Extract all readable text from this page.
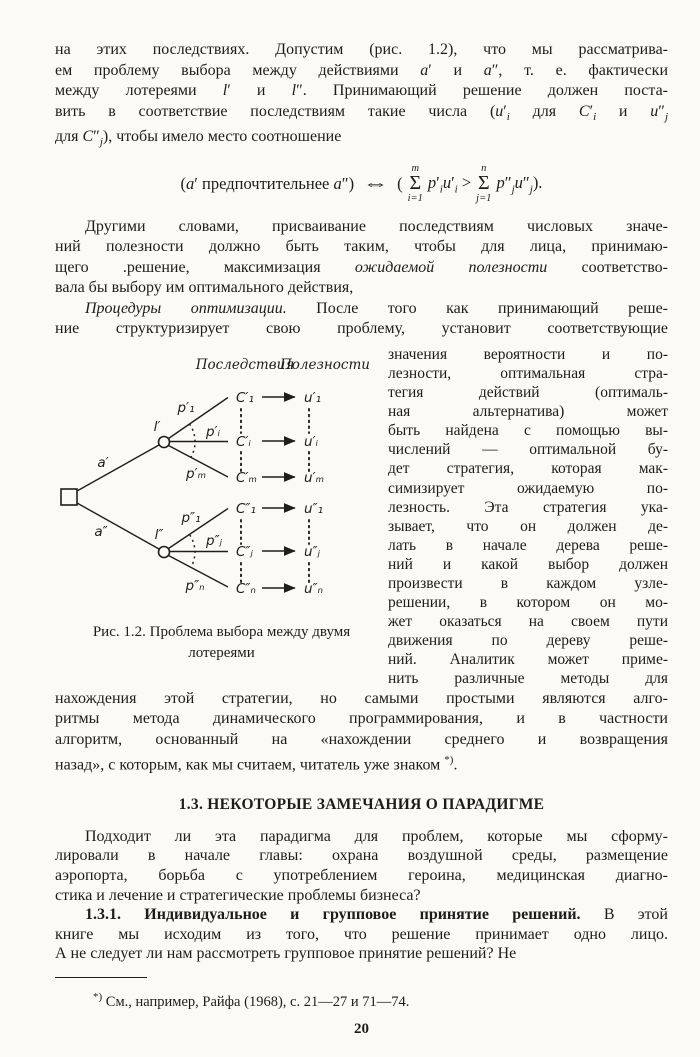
на этих последствиях. Допустим (рис. 1.2), что мы рассматрива-
ем проблему выбора между действиями a′ и a″, т. е. фактически
между лотереями l′ и l″. Принимающий решение должен поста-
вить в соответствие последствиям такие числа ($u'_i$ для $C'_i$ и $u''_j$
для $C''_j$), чтобы имело место соотношение
(a′ предпочтительнее a″) ⇔ (
m
Σ
i=1
$p'_iu'_i$ >
n
Σ
j=1
$p''_ju''_j$).
Другими словами, присваивание последствиям числовых значе-
ний полезности должно быть таким, чтобы для лица, принимаю-
щего .решение, максимизация ожидаемой полезности соответство-
вала бы выбору им оптимального действия,
Процедуры оптимизации. После того как принимающий реше-
ние структуризирует свою проблему, установит соответствующие
Последствия
Полезности
a′
a″
l′
p′₁
p′ᵢ
p′ₘ
C′₁
C′ᵢ
C′ₘ
u′₁
u′ᵢ
u′ₘ
l″
p″₁
p″ⱼ
p″ₙ
C″₁
C″ⱼ
C″ₙ
u″₁
u″ⱼ
u″ₙ
Рис. 1.2. Проблема выбора между двумя
лотереями
значения вероятности и по-
лезности, оптимальная стра-
тегия действий (оптималь-
ная альтернатива) может
быть найдена с помощью вы-
числений — оптимальной бу-
дет стратегия, которая мак-
симизирует ожидаемую по-
лезность. Эта стратегия ука-
зывает, что он должен де-
лать в начале дерева реше-
ний и какой выбор должен
произвести в каждом узле-
решении, в котором он мо-
жет оказаться на своем пути
движения по дереву реше-
ний. Аналитик может приме-
нить различные методы для
нахождения этой стратегии, но самыми простыми являются алго-
ритмы метода динамического программирования, и в частности
алгоритм, основанный на «нахождении среднего и возвращения
назад», с которым, как мы считаем, читатель уже знаком *).
1.3. НЕКОТОРЫЕ ЗАМЕЧАНИЯ О ПАРАДИГМЕ
Подходит ли эта парадигма для проблем, которые мы сформу-
лировали в начале главы: охрана воздушной среды, размещение
аэропорта, борьба с употреблением героина, медицинская диагно-
стика и лечение и стратегические проблемы бизнеса?
1.3.1. Индивидуальное и групповое принятие решений. В этой
книге мы исходим из того, что решение принимает одно лицо.
А не следует ли нам рассмотреть групповое принятие решений? Не
*) См., например, Райфа (1968), с. 21—27 и 71—74.
20
